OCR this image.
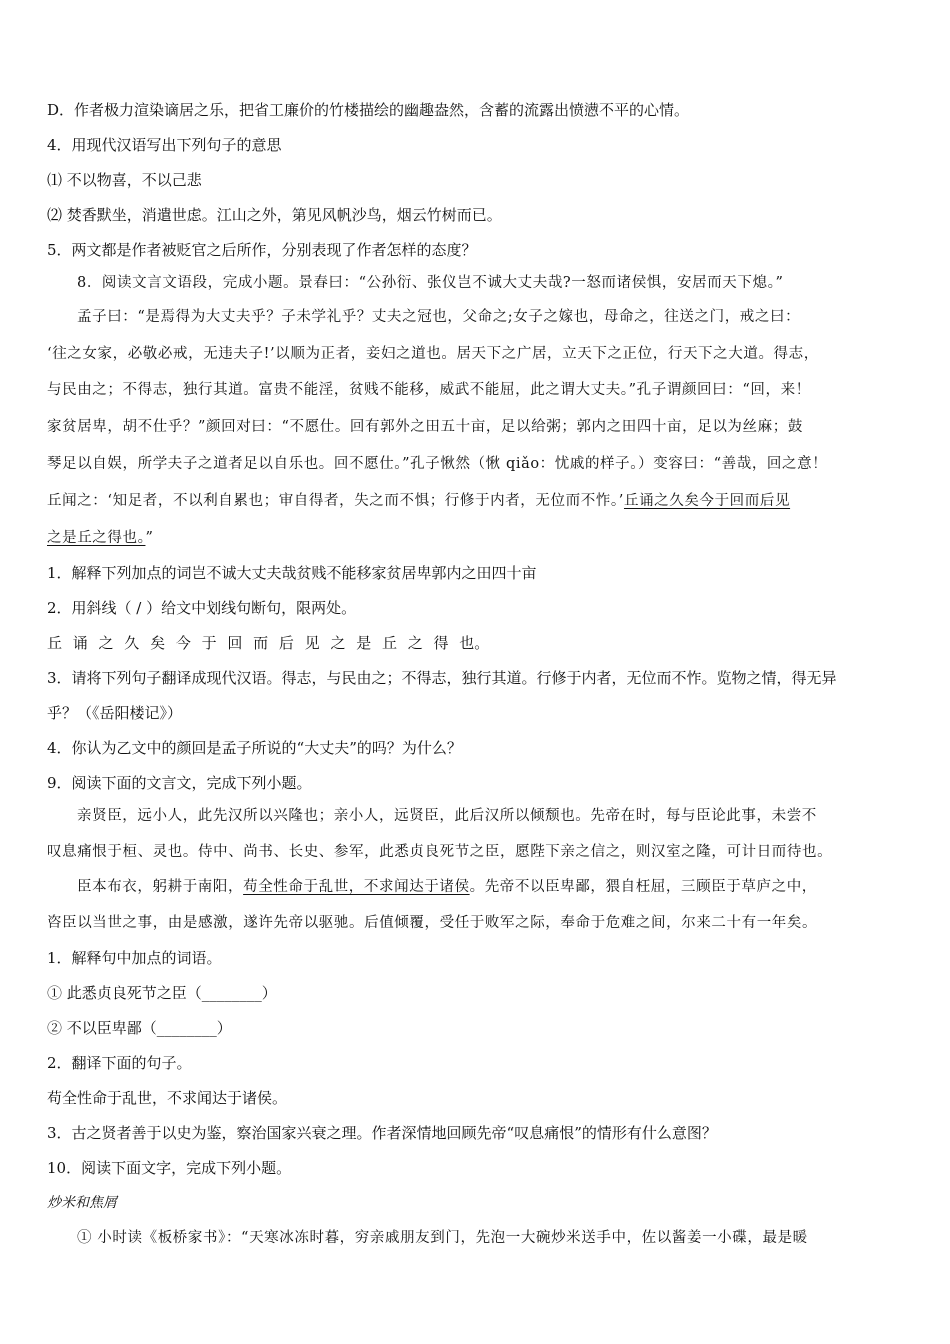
D．作者极力渲染谪居之乐，把省工廉价的竹楼描绘的幽趣盎然，含蓄的流露出愤懑不平的心情。
4．用现代汉语写出下列句子的意思
⑴ 不以物喜，不以己悲
⑵ 焚香默坐，消遣世虑。江山之外，第见风帆沙鸟，烟云竹树而已。
5．两文都是作者被贬官之后所作，分别表现了作者怎样的态度？
8．阅读文言文语段，完成小题。景春曰：“公孙衍、张仪岂不诚大丈夫哉?一怒而诸侯惧，安居而天下熄。”
孟子曰：“是焉得为大丈夫乎？子未学礼乎？丈夫之冠也，父命之;女子之嫁也，母命之，往送之门，戒之曰：
‘往之女家，必敬必戒，无违夫子!’以顺为正者，妾妇之道也。居天下之广居，立天下之正位，行天下之大道。得志，
与民由之；不得志，独行其道。富贵不能淫，贫贱不能移，威武不能屈，此之谓大丈夫。”孔子谓颜回曰：“回，来！
家贫居卑，胡不仕乎？”颜回对曰：“不愿仕。回有郭外之田五十亩，足以给粥；郭内之田四十亩，足以为丝麻；鼓
琴足以自娱，所学夫子之道者足以自乐也。回不愿仕。”孔子愀然（愀 qiǎo：忧戚的样子。）变容曰：“善哉，回之意！
丘闻之：‘知足者，不以利自累也；审自得者，失之而不惧；行修于内者，无位而不怍。’丘诵之久矣今于回而后见
之是丘之得也。”
1．解释下列加点的词岂不诚大丈夫哉贫贱不能移家贫居卑郭内之田四十亩
2．用斜线（ / ）给文中划线句断句，限两处。
丘 诵 之 久 矣 今 于 回 而 后 见 之 是 丘 之 得 也。
3．请将下列句子翻译成现代汉语。得志，与民由之；不得志，独行其道。行修于内者，无位而不怍。览物之情，得无异
乎？（《岳阳楼记》）
4．你认为乙文中的颜回是孟子所说的“大丈夫”的吗？为什么？
9．阅读下面的文言文，完成下列小题。
亲贤臣，远小人，此先汉所以兴隆也；亲小人，远贤臣，此后汉所以倾颓也。先帝在时，每与臣论此事，未尝不
叹息痛恨于桓、灵也。侍中、尚书、长史、参军，此悉贞良死节之臣，愿陛下亲之信之，则汉室之隆，可计日而待也。
臣本布衣，躬耕于南阳，苟全性命于乱世，不求闻达于诸侯。先帝不以臣卑鄙，猥自枉屈，三顾臣于草庐之中，
咨臣以当世之事，由是感激，遂许先帝以驱驰。后值倾覆，受任于败军之际，奉命于危难之间，尔来二十有一年矣。
1．解释句中加点的词语。
① 此悉贞良死节之臣（________）
② 不以臣卑鄙（________）
2．翻译下面的句子。
苟全性命于乱世，不求闻达于诸侯。
3．古之贤者善于以史为鉴，察治国家兴衰之理。作者深情地回顾先帝“叹息痛恨”的情形有什么意图？
10．阅读下面文字，完成下列小题。
炒米和焦屑
① 小时读《板桥家书》：“天寒冰冻时暮，穷亲戚朋友到门，先泡一大碗炒米送手中，佐以酱姜一小碟，最是暖
